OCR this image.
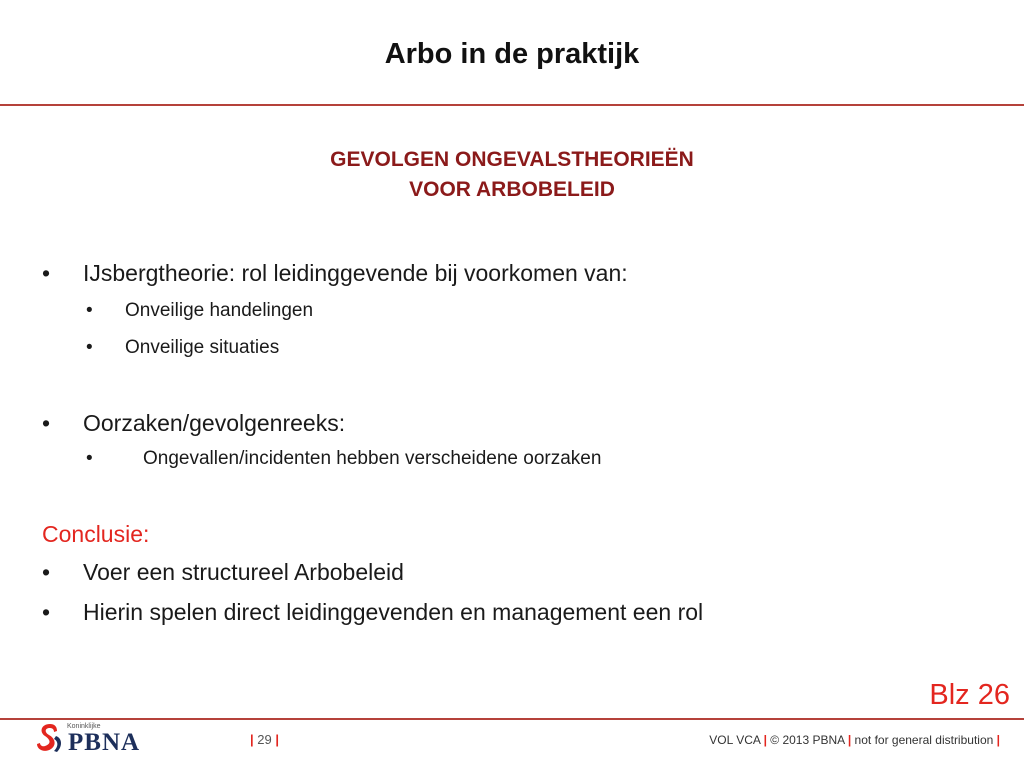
Arbo in de praktijk
GEVOLGEN ONGEVALSTHEORIEËN
VOOR ARBOBELEID
• IJsbergtheorie: rol leidinggevende bij voorkomen van:
• Onveilige handelingen
• Onveilige situaties
• Oorzaken/gevolgenreeks:
• Ongevallen/incidenten hebben verscheidene oorzaken
Conclusie:
• Voer een structureel Arbobeleid
• Hierin spelen direct leidinggevenden en management een rol
Blz 26
Koninklijke
PBNA	| 29 |	VOL VCA | © 2013 PBNA | not for general distribution |
